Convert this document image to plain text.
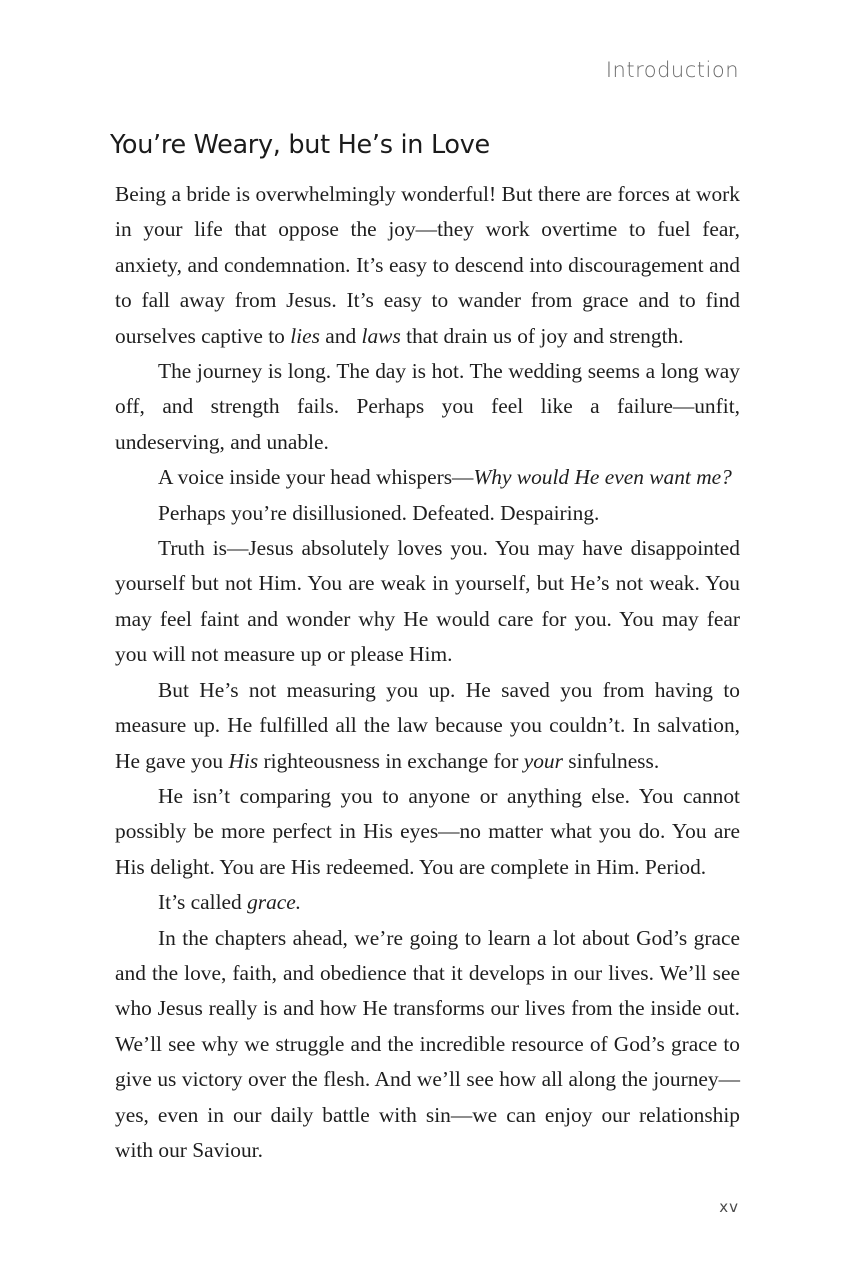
Introduction
You’re Weary, but He’s in Love

Being a bride is overwhelmingly wonderful! But there are forces at work in your life that oppose the joy—they work overtime to fuel fear, anxiety, and condemnation. It’s easy to descend into discouragement and to fall away from Jesus. It’s easy to wander from grace and to find ourselves captive to lies and laws that drain us of joy and strength.

The journey is long. The day is hot. The wedding seems a long way off, and strength fails. Perhaps you feel like a failure—unfit, undeserving, and unable.

A voice inside your head whispers—Why would He even want me?

Perhaps you’re disillusioned. Defeated. Despairing.

Truth is—Jesus absolutely loves you. You may have disappointed yourself but not Him. You are weak in yourself, but He’s not weak. You may feel faint and wonder why He would care for you. You may fear you will not measure up or please Him.

But He’s not measuring you up. He saved you from having to measure up. He fulfilled all the law because you couldn’t. In salvation, He gave you His righteousness in exchange for your sinfulness.

He isn’t comparing you to anyone or anything else. You cannot possibly be more perfect in His eyes—no matter what you do. You are His delight. You are His redeemed. You are complete in Him. Period.

It’s called grace.

In the chapters ahead, we’re going to learn a lot about God’s grace and the love, faith, and obedience that it develops in our lives. We’ll see who Jesus really is and how He transforms our lives from the inside out. We’ll see why we struggle and the incredible resource of God’s grace to give us victory over the flesh. And we’ll see how all along the journey—yes, even in our daily battle with sin—we can enjoy our relationship with our Saviour.

xv
